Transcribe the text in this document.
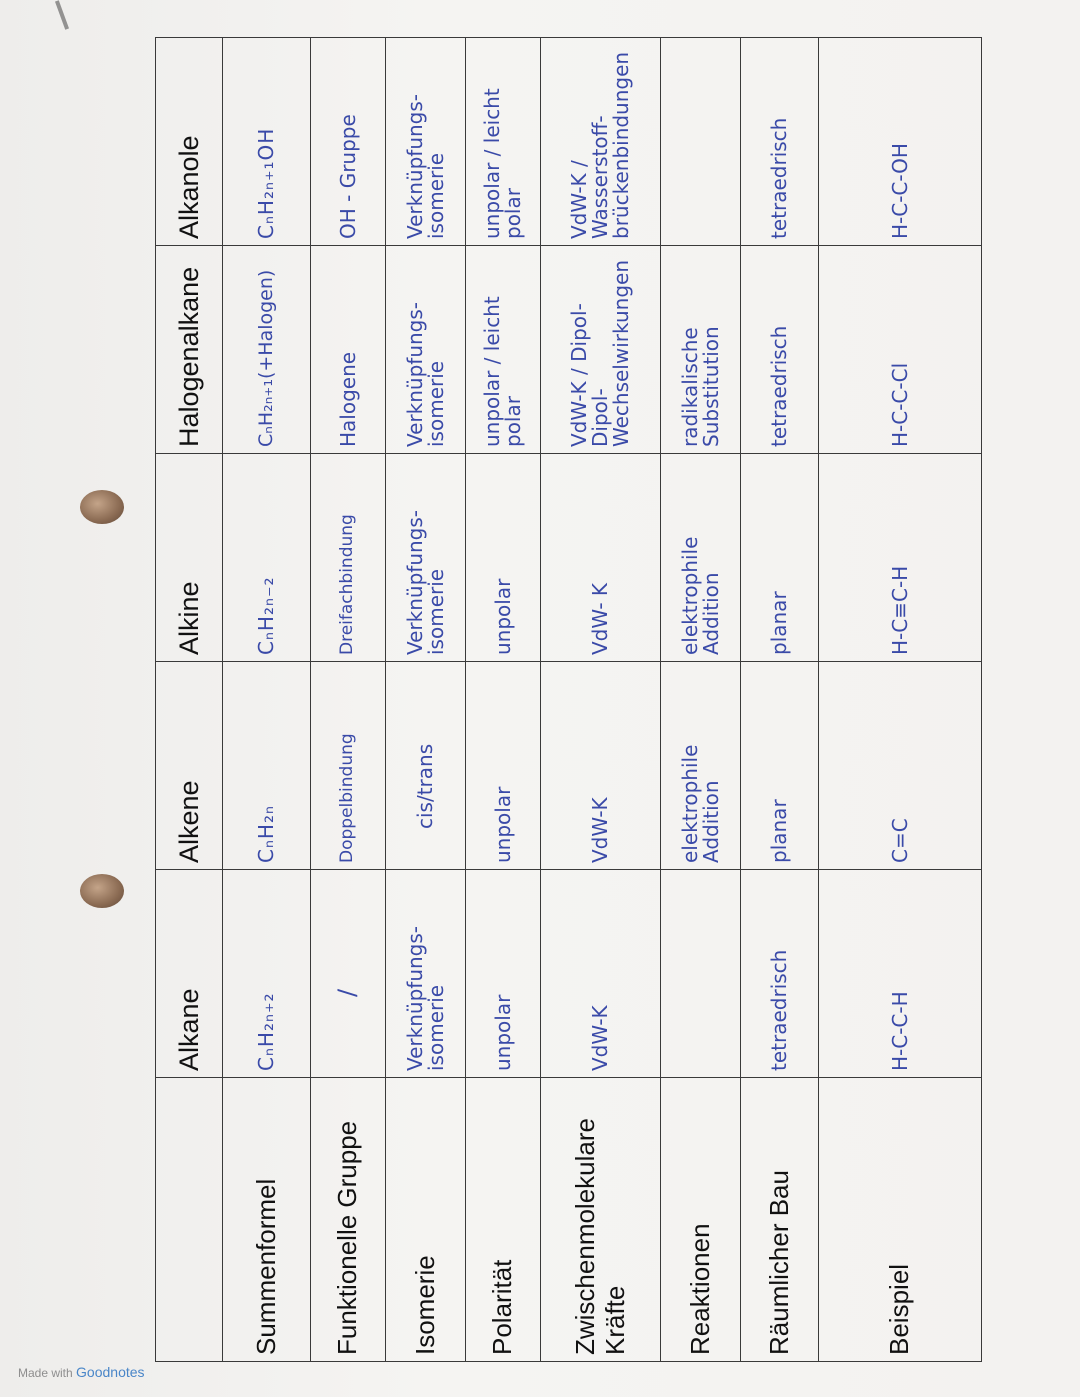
	Alkane	Alkene	Alkine	Halogenalkane	Alkanole
Summenformel	CₙH₂ₙ₊₂	CₙH₂ₙ	CₙH₂ₙ₋₂	CₙH₂ₙ₊₁(+Halogen)	CₙH₂ₙ₊₁OH
Funktionelle Gruppe	/	Doppelbindung	Dreifachbindung	Halogene	OH - Gruppe
Isomerie	Verknüpfungs-isomerie	cis/trans	Verknüpfungs-isomerie	Verknüpfungs-isomerie	Verknüpfungs-isomerie
Polarität	unpolar	unpolar	unpolar	unpolar / leicht polar	unpolar / leicht polar
Zwischenmolekulare Kräfte	VdW-K	VdW-K	VdW- K	VdW-K / Dipol-Dipol-Wechselwirkungen	VdW-K / Wasserstoff-brückenbindungen
Reaktionen		elektrophile Addition	elektrophile Addition	radikalische Substitution	
Räumlicher Bau	tetraedrisch	planar	planar	tetraedrisch	tetraedrisch
Beispiel	H-C-C-H	C=C	H-C≡C-H	H-C-C-Cl	H-C-C-OH
Made with Goodnotes
